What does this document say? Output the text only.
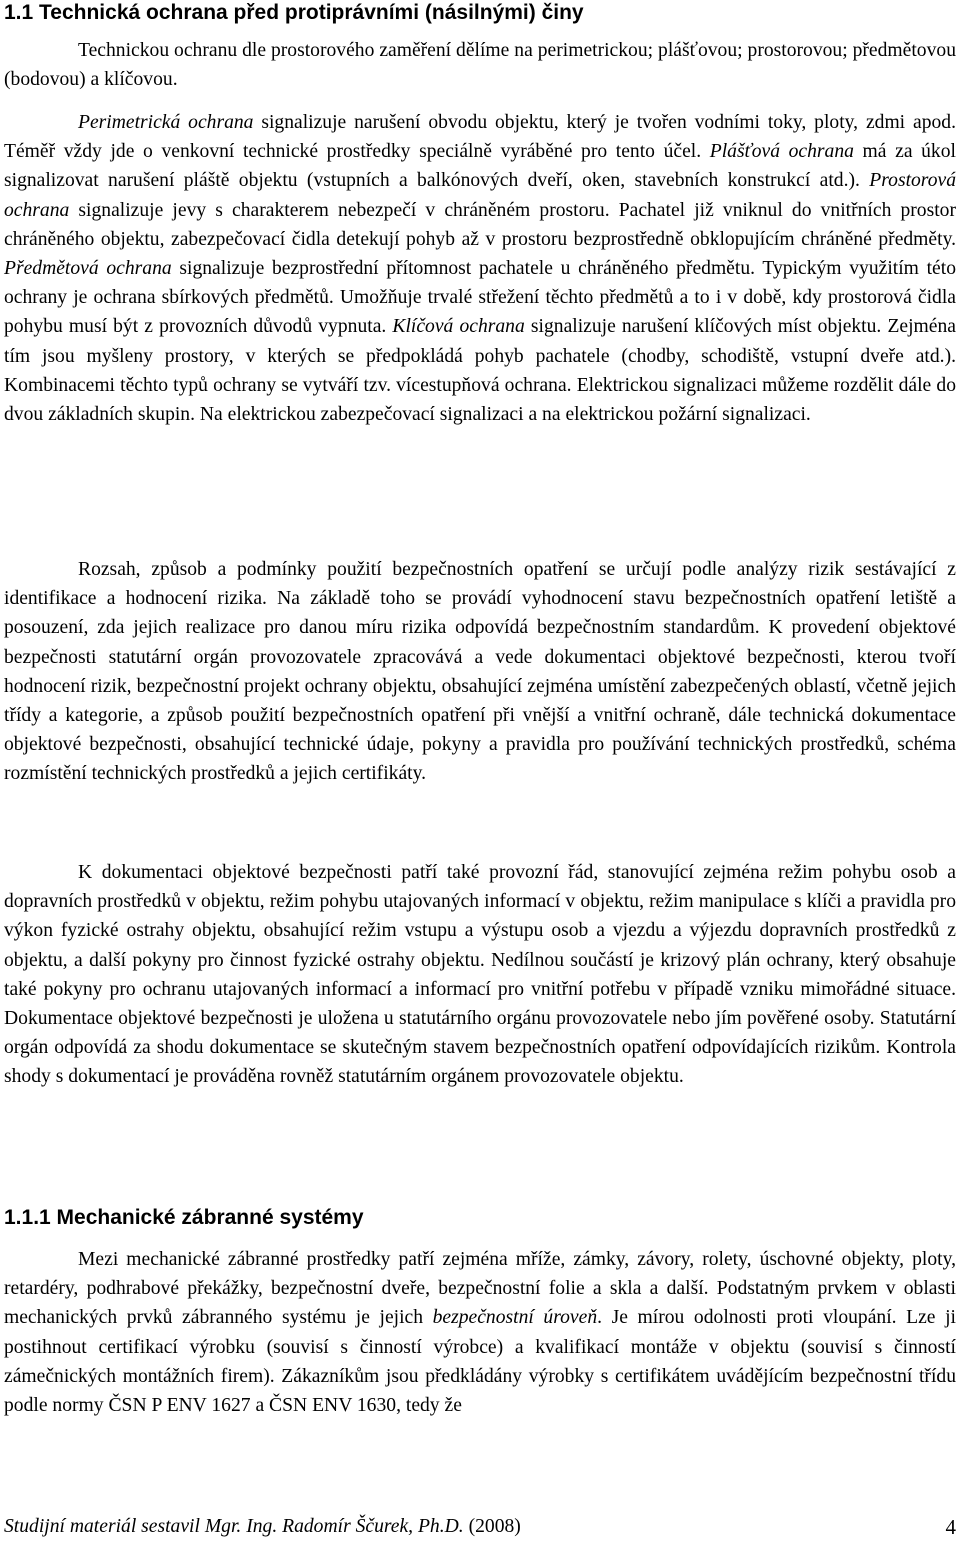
1.1 Technická ochrana před protiprávními (násilnými) činy

Technickou ochranu dle prostorového zaměření dělíme na perimetrickou; plášťovou; prostorovou; předmětovou (bodovou) a klíčovou.

Perimetrická ochrana signalizuje narušení obvodu objektu, který je tvořen vodními toky, ploty, zdmi apod. Téměř vždy jde o venkovní technické prostředky speciálně vyráběné pro tento účel. Plášťová ochrana má za úkol signalizovat narušení pláště objektu (vstupních a balkónových dveří, oken, stavebních konstrukcí atd.). Prostorová ochrana signalizuje jevy s charakterem nebezpečí v chráněném prostoru. Pachatel již vniknul do vnitřních prostor chráněného objektu, zabezpečovací čidla detekují pohyb až v prostoru bezprostředně obklopujícím chráněné předměty. Předmětová ochrana signalizuje bezprostřední přítomnost pachatele u chráněného předmětu. Typickým využitím této ochrany je ochrana sbírkových předmětů. Umožňuje trvalé střežení těchto předmětů a to i v době, kdy prostorová čidla pohybu musí být z provozních důvodů vypnuta. Klíčová ochrana signalizuje narušení klíčových míst objektu. Zejména tím jsou myšleny prostory, v kterých se předpokládá pohyb pachatele (chodby, schodiště, vstupní dveře atd.). Kombinacemi těchto typů ochrany se vytváří tzv. vícestupňová ochrana. Elektrickou signalizaci můžeme rozdělit dále do dvou základních skupin. Na elektrickou zabezpečovací signalizaci a na elektrickou požární signalizaci.

Rozsah, způsob a podmínky použití bezpečnostních opatření se určují podle analýzy rizik sestávající z identifikace a hodnocení rizika. Na základě toho se provádí vyhodnocení stavu bezpečnostních opatření letiště a posouzení, zda jejich realizace pro danou míru rizika odpovídá bezpečnostním standardům. K provedení objektové bezpečnosti statutární orgán provozovatele zpracovává a vede dokumentaci objektové bezpečnosti, kterou tvoří hodnocení rizik, bezpečnostní projekt ochrany objektu, obsahující zejména umístění zabezpečených oblastí, včetně jejich třídy a kategorie, a způsob použití bezpečnostních opatření při vnější a vnitřní ochraně, dále technická dokumentace objektové bezpečnosti, obsahující technické údaje, pokyny a pravidla pro používání technických prostředků, schéma rozmístění technických prostředků a jejich certifikáty.

K dokumentaci objektové bezpečnosti patří také provozní řád, stanovující zejména režim pohybu osob a dopravních prostředků v objektu, režim pohybu utajovaných informací v objektu, režim manipulace s klíči a pravidla pro výkon fyzické ostrahy objektu, obsahující režim vstupu a výstupu osob a vjezdu a výjezdu dopravních prostředků z objektu, a další pokyny pro činnost fyzické ostrahy objektu. Nedílnou součástí je krizový plán ochrany, který obsahuje také pokyny pro ochranu utajovaných informací a informací pro vnitřní potřebu v případě vzniku mimořádné situace. Dokumentace objektové bezpečnosti je uložena u statutárního orgánu provozovatele nebo jím pověřené osoby. Statutární orgán odpovídá za shodu dokumentace se skutečným stavem bezpečnostních opatření odpovídajících rizikům. Kontrola shody s dokumentací je prováděna rovněž statutárním orgánem provozovatele objektu.

1.1.1 Mechanické zábranné systémy

Mezi mechanické zábranné prostředky patří zejména mříže, zámky, závory, rolety, úschovné objekty, ploty, retardéry, podhrabové překážky, bezpečnostní dveře, bezpečnostní folie a skla a další. Podstatným prvkem v oblasti mechanických prvků zábranného systému je jejich bezpečnostní úroveň. Je mírou odolnosti proti vloupání. Lze ji postihnout certifikací výrobku (souvisí s činností výrobce) a kvalifikací montáže v objektu (souvisí s činností zámečnických montážních firem). Zákazníkům jsou předkládány výrobky s certifikátem uvádějícím bezpečnostní třídu podle normy ČSN P ENV 1627 a ČSN ENV 1630, tedy že

Studijní materiál sestavil Mgr. Ing. Radomír Ščurek, Ph.D. (2008)	4
